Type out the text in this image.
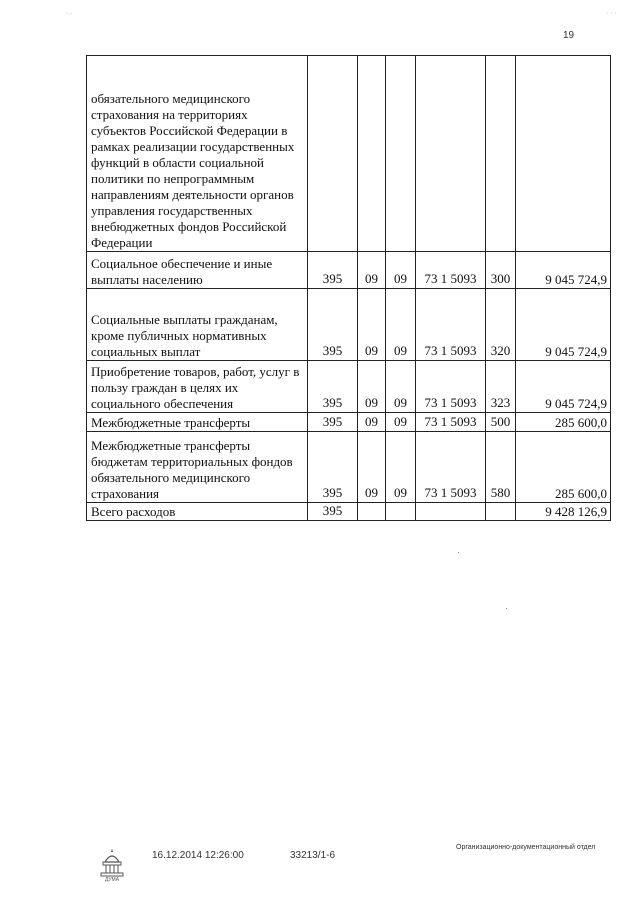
·.·	· · ·
19
обязательного медицинского страхования на территориях субъектов Российской Федерации в рамках реализации государственных функций в области социальной политики по непрограммным направлениям деятельности органов управления государственных внебюджетных фондов Российской Федерации						
Социальное обеспечение и иные выплаты населению	395	09	09	73 1 5093	300	9 045 724,9
Социальные выплаты гражданам, кроме публичных нормативных социальных выплат	395	09	09	73 1 5093	320	9 045 724,9
Приобретение товаров, работ, услуг в пользу граждан в целях их социального обеспечения	395	09	09	73 1 5093	323	9 045 724,9
Межбюджетные трансферты	395	09	09	73 1 5093	500	285 600,0
Межбюджетные трансферты бюджетам территориальных фондов обязательного медицинского страхования	395	09	09	73 1 5093	580	285 600,0
Всего расходов	395					9 428 126,9
ДУМА
16.12.2014 12:26:00	33213/1-6
Организационно-документационный отдел
